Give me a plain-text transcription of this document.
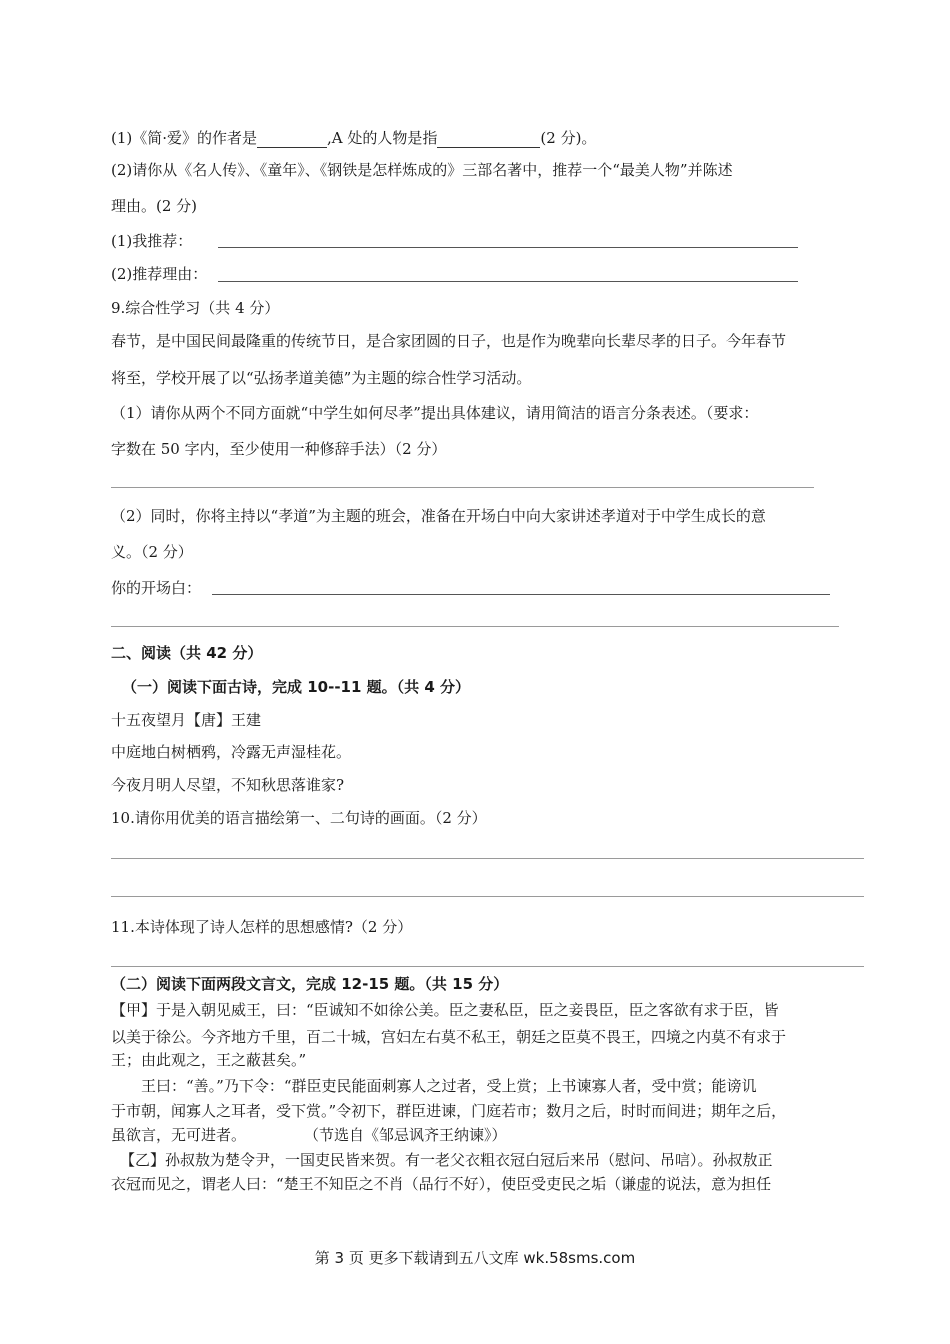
(1)《简·爱》的作者是	,A 处的人物是指	(2 分)。
(2)请你从《名人传》、《童年》、《钢铁是怎样炼成的》三部名著中，推荐一个“最美人物”并陈述
理由。(2 分)
(1)我推荐：
(2)推荐理由：
9.综合性学习（共 4 分）
春节，是中国民间最隆重的传统节日，是合家团圆的日子，也是作为晚辈向长辈尽孝的日子。今年春节
将至，学校开展了以“弘扬孝道美德”为主题的综合性学习活动。
（1）请你从两个不同方面就“中学生如何尽孝”提出具体建议，请用简洁的语言分条表述。（要求：
字数在 50 字内，至少使用一种修辞手法）（2 分）
（2）同时，你将主持以“孝道”为主题的班会，准备在开场白中向大家讲述孝道对于中学生成长的意
义。（2 分）
你的开场白：
二、阅读（共 42 分）
（一）阅读下面古诗，完成 10--11 题。（共 4 分）
十五夜望月【唐】王建
中庭地白树栖鸦，冷露无声湿桂花。
今夜月明人尽望，不知秋思落谁家?
10.请你用优美的语言描绘第一、二句诗的画面。（2 分）
11.本诗体现了诗人怎样的思想感情?（2 分）
（二）阅读下面两段文言文，完成 12-15 题。（共 15 分）
【甲】于是入朝见威王，曰：“臣诚知不如徐公美。臣之妻私臣，臣之妾畏臣，臣之客欲有求于臣，皆
以美于徐公。今齐地方千里，百二十城，宫妇左右莫不私王，朝廷之臣莫不畏王，四境之内莫不有求于
王；由此观之，王之蔽甚矣。”
王曰：“善。”乃下令：“群臣吏民能面刺寡人之过者，受上赏；上书谏寡人者，受中赏；能谤讥
于市朝，闻寡人之耳者，受下赏。”令初下，群臣进谏，门庭若市；数月之后，时时而间进；期年之后，
虽欲言，无可进者。	（节选自《邹忌讽齐王纳谏》）
【乙】孙叔敖为楚令尹，一国吏民皆来贺。有一老父衣粗衣冠白冠后来吊（慰问、吊唁）。孙叔敖正
衣冠而见之，谓老人曰：“楚王不知臣之不肖（品行不好），使臣受吏民之垢（谦虚的说法，意为担任
第 3 页 更多下载请到五八文库 wk.58sms.com
